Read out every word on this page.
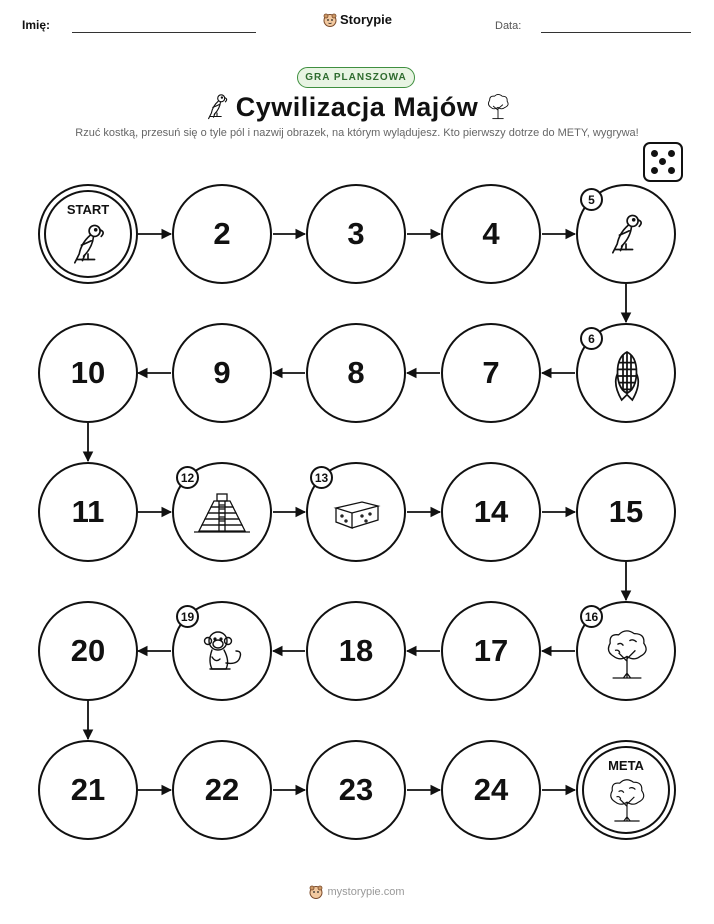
Imię:	Storypie	Data:
GRA PLANSZOWA
Cywilizacja Majów
Rzuć kostką, przesuń się o tyle pól i nazwij obrazek, na którym wylądujesz. Kto pierwszy dotrze do METY, wygrywa!
START
2	3	4
5
10	9	8	7
6
11
12	13
14	15
20
19
18	17
16
21	22	23	24
META
mystorypie.com
